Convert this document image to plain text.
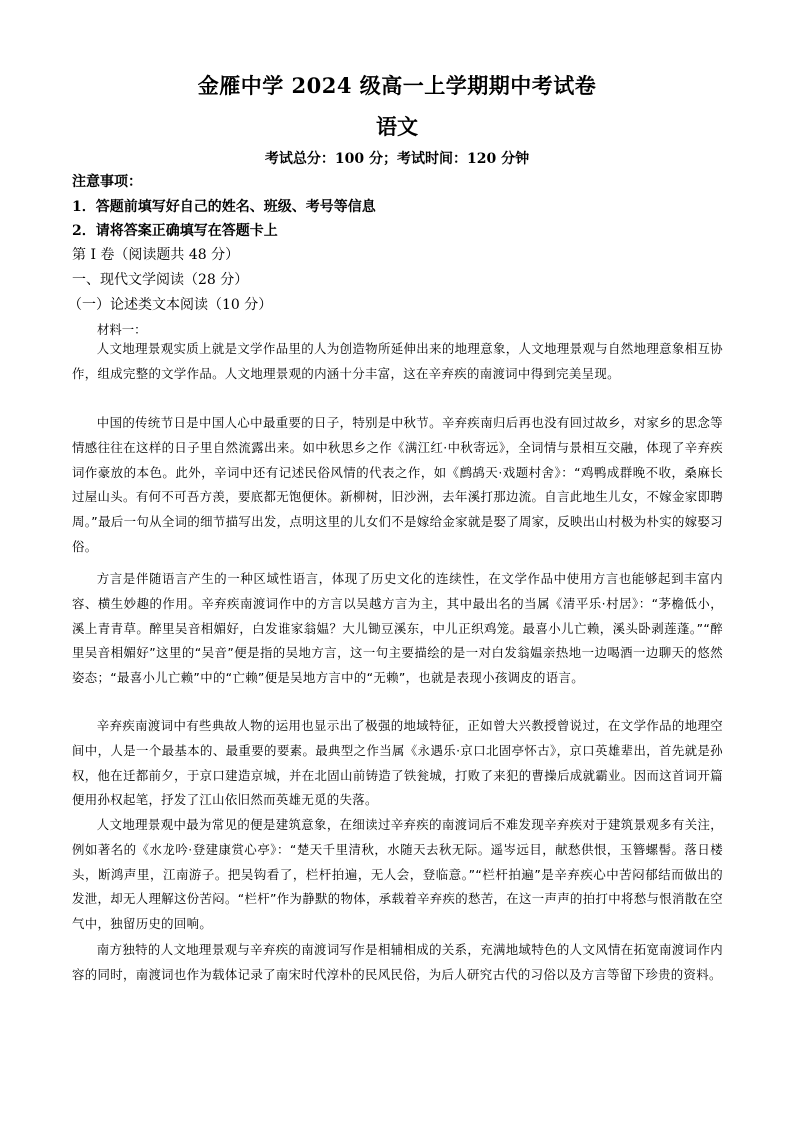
金雁中学 2024 级高一上学期期中考试卷
语文
考试总分：100 分；考试时间：120 分钟
注意事项：
1．答题前填写好自己的姓名、班级、考号等信息
2．请将答案正确填写在答题卡上
第 I 卷（阅读题共 48 分）
一、现代文学阅读（28 分）
（一）论述类文本阅读（10 分）
材料一：

人文地理景观实质上就是文学作品里的人为创造物所延伸出来的地理意象，人文地理景观与自然地理意象相互协作，组成完整的文学作品。人文地理景观的内涵十分丰富，这在辛弃疾的南渡词中得到完美呈现。

中国的传统节日是中国人心中最重要的日子，特别是中秋节。辛弃疾南归后再也没有回过故乡，对家乡的思念等情感往往在这样的日子里自然流露出来。如中秋思乡之作《满江红·中秋寄远》，全词情与景相互交融，体现了辛弃疾词作豪放的本色。此外，辛词中还有记述民俗风情的代表之作，如《鹧鸪天·戏题村舍》：“鸡鸭成群晚不收，桑麻长过屋山头。有何不可吾方羡，要底都无饱便休。新柳树，旧沙洲，去年溪打那边流。自言此地生儿女，不嫁金家即聘周。”最后一句从全词的细节描写出发，点明这里的儿女们不是嫁给金家就是娶了周家，反映出山村极为朴实的嫁娶习俗。

方言是伴随语言产生的一种区域性语言，体现了历史文化的连续性，在文学作品中使用方言也能够起到丰富内容、横生妙趣的作用。辛弃疾南渡词作中的方言以吴越方言为主，其中最出名的当属《清平乐·村居》：“茅檐低小，溪上青青草。醉里吴音相媚好，白发谁家翁媪？大儿锄豆溪东，中儿正织鸡笼。最喜小儿亡赖，溪头卧剥莲蓬。”“醉里吴音相媚好”这里的“吴音”便是指的吴地方言，这一句主要描绘的是一对白发翁媪亲热地一边喝酒一边聊天的悠然姿态；“最喜小儿亡赖”中的“亡赖”便是吴地方言中的“无赖”，也就是表现小孩调皮的语言。

辛弃疾南渡词中有些典故人物的运用也显示出了极强的地域特征，正如曾大兴教授曾说过，在文学作品的地理空间中，人是一个最基本的、最重要的要素。最典型之作当属《永遇乐·京口北固亭怀古》，京口英雄辈出，首先就是孙权，他在迁都前夕，于京口建造京城，并在北固山前铸造了铁瓮城，打败了来犯的曹操后成就霸业。因而这首词开篇便用孙权起笔，抒发了江山依旧然而英雄无觅的失落。

人文地理景观中最为常见的便是建筑意象，在细读过辛弃疾的南渡词后不难发现辛弃疾对于建筑景观多有关注，例如著名的《水龙吟·登建康赏心亭》：“楚天千里清秋，水随天去秋无际。遥岑远目，献愁供恨，玉簪螺髻。落日楼头，断鸿声里，江南游子。把吴钩看了，栏杆拍遍，无人会，登临意。”“栏杆拍遍”是辛弃疾心中苦闷郁结而做出的发泄，却无人理解这份苦闷。“栏杆”作为静默的物体，承载着辛弃疾的愁苦，在这一声声的拍打中将愁与恨消散在空气中，独留历史的回响。

南方独特的人文地理景观与辛弃疾的南渡词写作是相辅相成的关系，充满地域特色的人文风情在拓宽南渡词作内容的同时，南渡词也作为载体记录了南宋时代淳朴的民风民俗，为后人研究古代的习俗以及方言等留下珍贵的资料。
